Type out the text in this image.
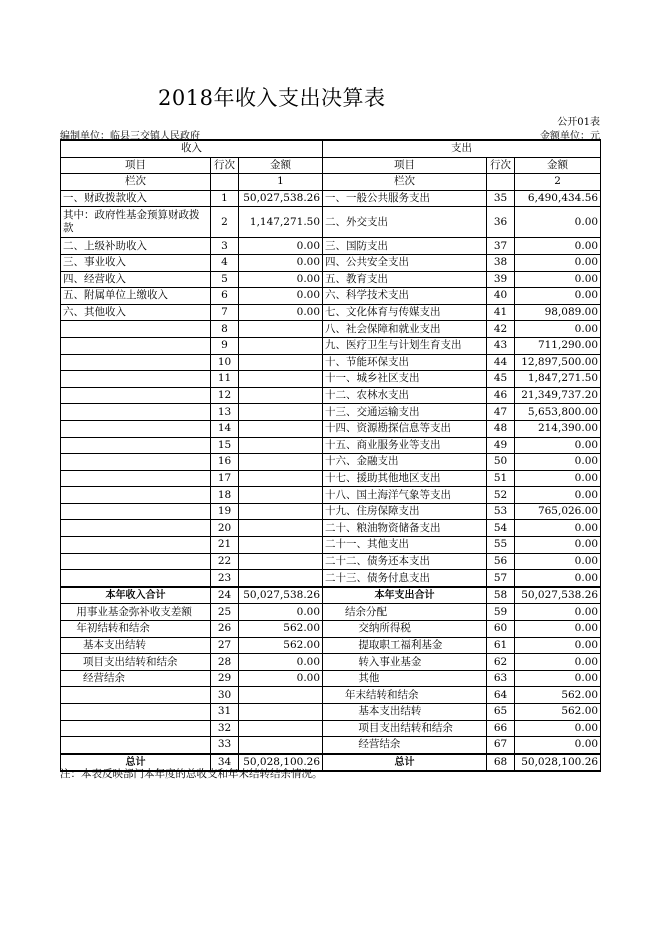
2018年收入支出决算表
公开01表
编制单位：临县三交镇人民政府	金额单位：元
收入			支出		
项目	行次	金额	项目	行次	金额
栏次		1	栏次		2
一、财政拨款收入	1	50,027,538.26	一、一般公共服务支出	35	6,490,434.56
其中：政府性基金预算财政拨款	2	1,147,271.50	二、外交支出	36	0.00
二、上级补助收入	3	0.00	三、国防支出	37	0.00
三、事业收入	4	0.00	四、公共安全支出	38	0.00
四、经营收入	5	0.00	五、教育支出	39	0.00
五、附属单位上缴收入	6	0.00	六、科学技术支出	40	0.00
六、其他收入	7	0.00	七、文化体育与传媒支出	41	98,089.00
	8		八、社会保障和就业支出	42	0.00
	9		九、医疗卫生与计划生育支出	43	711,290.00
	10		十、节能环保支出	44	12,897,500.00
	11		十一、城乡社区支出	45	1,847,271.50
	12		十二、农林水支出	46	21,349,737.20
	13		十三、交通运输支出	47	5,653,800.00
	14		十四、资源勘探信息等支出	48	214,390.00
	15		十五、商业服务业等支出	49	0.00
	16		十六、金融支出	50	0.00
	17		十七、援助其他地区支出	51	0.00
	18		十八、国土海洋气象等支出	52	0.00
	19		十九、住房保障支出	53	765,026.00
	20		二十、粮油物资储备支出	54	0.00
	21		二十一、其他支出	55	0.00
	22		二十二、债务还本支出	56	0.00
	23		二十三、债务付息支出	57	0.00
本年收入合计	24	50,027,538.26	本年支出合计	58	50,027,538.26
用事业基金弥补收支差额	25	0.00	结余分配	59	0.00
年初结转和结余	26	562.00	交纳所得税	60	0.00
基本支出结转	27	562.00	提取职工福利基金	61	0.00
项目支出结转和结余	28	0.00	转入事业基金	62	0.00
经营结余	29	0.00	其他	63	0.00
	30		年末结转和结余	64	562.00
	31		基本支出结转	65	562.00
	32		项目支出结转和结余	66	0.00
	33		经营结余	67	0.00
总计	34	50,028,100.26	总计	68	50,028,100.26
注：本表反映部门本年度的总收支和年末结转结余情况。
